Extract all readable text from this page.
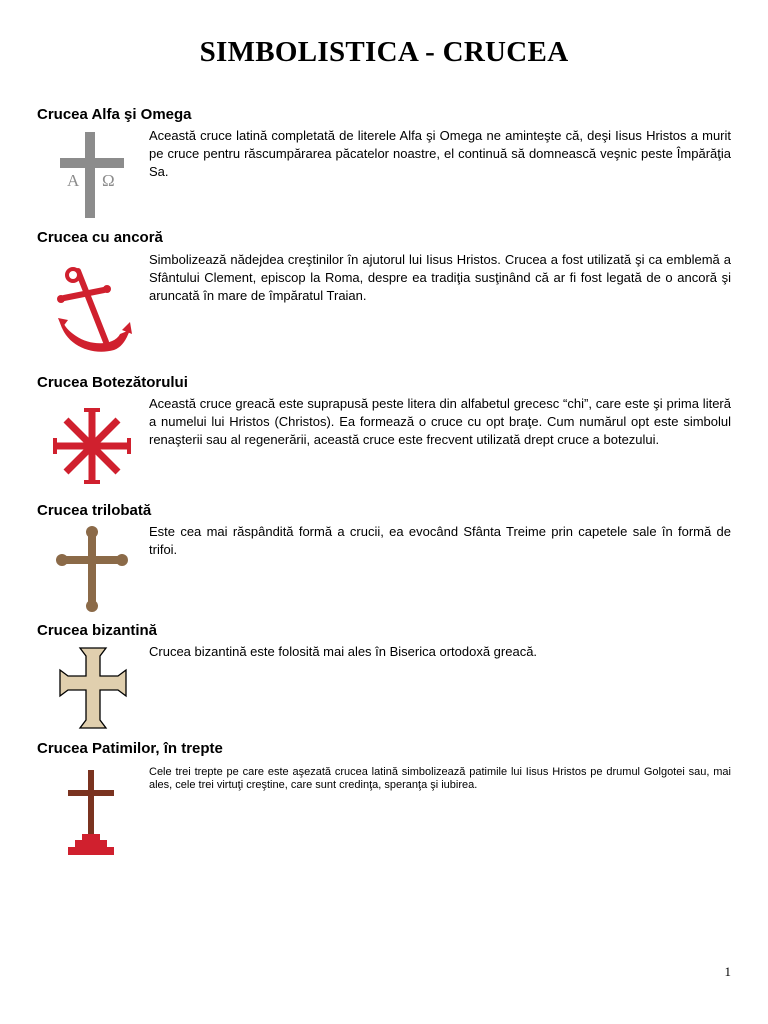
SIMBOLISTICA - CRUCEA
Crucea Alfa şi Omega
Această cruce latină completată de literele Alfa şi Omega ne aminteşte că, deşi Iisus Hristos a murit pe cruce pentru răscumpărarea păcatelor noastre, el continuă să domnească veşnic peste Împărăţia Sa.
Α Ω
Crucea cu ancoră
Simbolizează nădejdea creştinilor în ajutorul lui Iisus Hristos. Crucea a fost utilizată şi ca emblemă a Sfântului Clement, episcop la Roma, despre ea tradiţia susţinând că ar fi fost legată de o ancoră şi aruncată în mare de împăratul Traian.
Crucea Botezătorului
Această cruce greacă este suprapusă peste litera din alfabetul grecesc “chi”, care este şi prima literă a numelui lui Hristos (Christos). Ea formează o cruce cu opt braţe. Cum numărul opt este simbolul renaşterii sau al regenerării, această cruce este frecvent utilizată drept cruce a botezului.
Crucea trilobată
Este cea mai răspândită formă a crucii, ea evocând Sfânta Treime prin capetele sale în formă de trifoi.
Crucea bizantină
Crucea bizantină este folosită mai ales în Biserica ortodoxă greacă.
Crucea Patimilor, în trepte
Cele trei trepte pe care este aşezată crucea latină simbolizează patimile lui Iisus Hristos pe drumul Golgotei sau, mai ales, cele trei virtuţi creştine, care sunt credinţa, speranţa şi iubirea.
1
